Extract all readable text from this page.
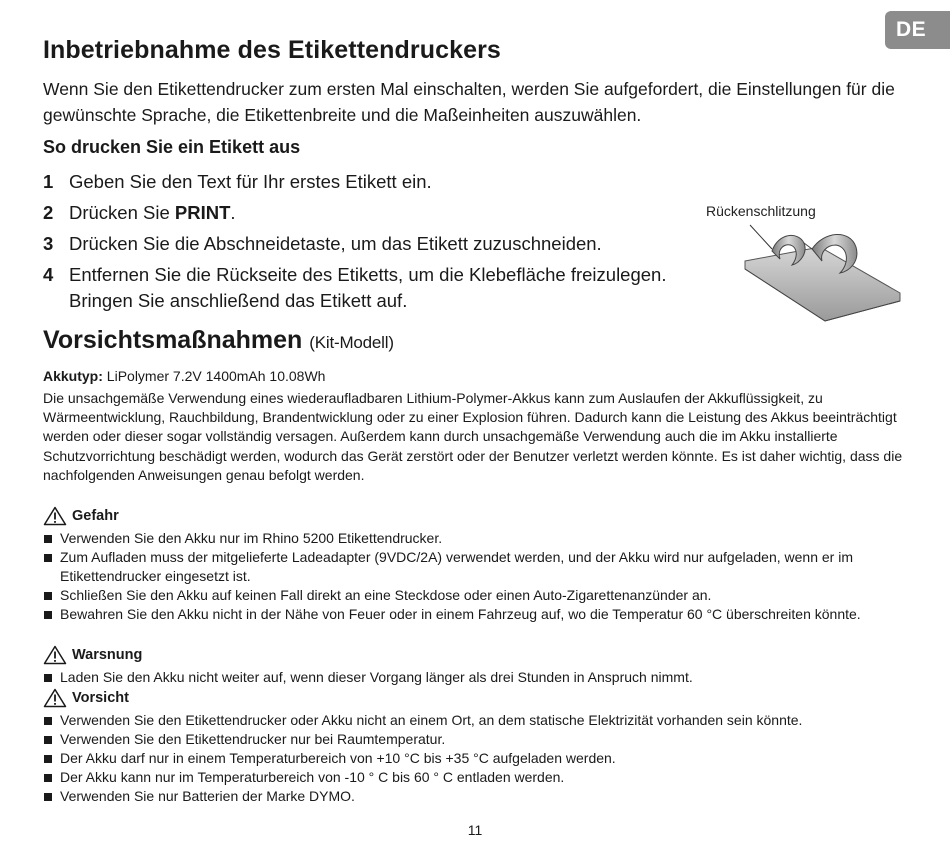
DE
Inbetriebnahme des Etikettendruckers

Wenn Sie den Etikettendrucker zum ersten Mal einschalten, werden Sie aufgefordert, die Einstellungen für die gewünschte Sprache, die Etikettenbreite und die Maßeinheiten auszuwählen.

So drucken Sie ein Etikett aus
1 Geben Sie den Text für Ihr erstes Etikett ein.
2 Drücken Sie PRINT.
3 Drücken Sie die Abschneidetaste, um das Etikett zuzuschneiden.
4 Entfernen Sie die Rückseite des Etiketts, um die Klebefläche freizulegen. Bringen Sie anschließend das Etikett auf.
Rückenschlitzung
Vorsichtsmaßnahmen (Kit-Modell)
Akkutyp: LiPolymer 7.2V 1400mAh 10.08Wh

Die unsachgemäße Verwendung eines wiederaufladbaren Lithium-Polymer-Akkus kann zum Auslaufen der Akkuflüssigkeit, zu Wärmeentwicklung, Rauchbildung, Brandentwicklung oder zu einer Explosion führen. Dadurch kann die Leistung des Akkus beeinträchtigt werden oder dieser sogar vollständig versagen. Außerdem kann durch unsachgemäße Verwendung auch die im Akku installierte Schutzvorrichtung beschädigt werden, wodurch das Gerät zerstört oder der Benutzer verletzt werden könnte. Es ist daher wichtig, dass die nachfolgenden Anweisungen genau befolgt werden.

Gefahr
Verwenden Sie den Akku nur im Rhino 5200 Etikettendrucker.
Zum Aufladen muss der mitgelieferte Ladeadapter (9VDC/2A) verwendet werden, und der Akku wird nur aufgeladen, wenn er im Etikettendrucker eingesetzt ist.
Schließen Sie den Akku auf keinen Fall direkt an eine Steckdose oder einen Auto-Zigarettenanzünder an.
Bewahren Sie den Akku nicht in der Nähe von Feuer oder in einem Fahrzeug auf, wo die Temperatur 60 °C überschreiten könnte.
Warsnung
Laden Sie den Akku nicht weiter auf, wenn dieser Vorgang länger als drei Stunden in Anspruch nimmt.
Vorsicht
Verwenden Sie den Etikettendrucker oder Akku nicht an einem Ort, an dem statische Elektrizität vorhanden sein könnte.
Verwenden Sie den Etikettendrucker nur bei Raumtemperatur.
Der Akku darf nur in einem Temperaturbereich von +10 °C bis +35 °C aufgeladen werden.
Der Akku kann nur im Temperaturbereich von -10 ° C bis 60 ° C entladen werden.
Verwenden Sie nur Batterien der Marke DYMO.
11
